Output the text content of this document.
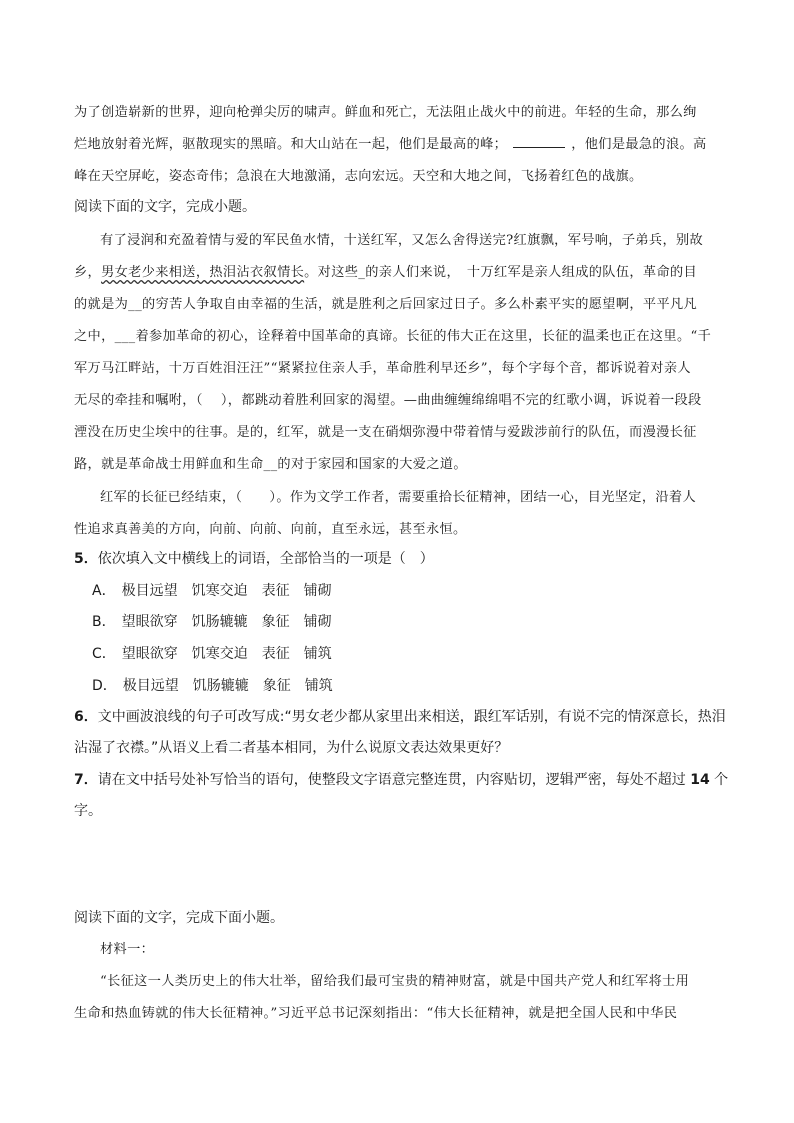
为了创造崭新的世界，迎向枪弹尖厉的啸声。鲜血和死亡，无法阻止战火中的前进。年轻的生命，那么绚
烂地放射着光辉，驱散现实的黑暗。和大山站在一起，他们是最高的峰；	，他们是最急的浪。高
峰在天空屏屹，姿态奇伟；急浪在大地激涌，志向宏远。天空和大地之间，飞扬着红色的战旗。
阅读下面的文字，完成小题。
有了浸润和充盈着情与爱的军民鱼水情，十送红军，又怎么舍得送完?红旗飘，军号响，子弟兵，别故
乡，男女老少来相送，热泪沾衣叙情长。对这些_的亲人们来说，　十万红军是亲人组成的队伍，革命的目
的就是为__的穷苦人争取自由幸福的生活，就是胜利之后回家过日子。多么朴素平实的愿望啊，平平凡凡
之中，___着参加革命的初心，诠释着中国革命的真谛。长征的伟大正在这里，长征的温柔也正在这里。“千
军万马江畔站，十万百姓泪汪汪”“紧紧拉住亲人手，革命胜利早还乡”，每个字每个音，都诉说着对亲人
无尽的牵挂和嘱咐，（　 ），都跳动着胜利回家的渴望。—曲曲缠缠绵绵唱不完的红歌小调，诉说着一段段
湮没在历史尘埃中的往事。是的，红军，就是一支在硝烟弥漫中带着情与爱跋涉前行的队伍，而漫漫长征
路，就是革命战士用鲜血和生命__的对于家园和国家的大爱之道。
红军的长征已经结束，（　　）。作为文学工作者，需要重拾长征精神，团结一心，目光坚定，沿着人
性追求真善美的方向，向前、向前、向前，直至永远，甚至永恒。
5．依次填入文中横线上的词语，全部恰当的一项是（　）
A． 极目远望 饥寒交迫 表征 铺砌
B． 望眼欲穿 饥肠辘辘 象征 铺砌
C． 望眼欲穿 饥寒交迫 表征 铺筑
D． 极目远望 饥肠辘辘 象征 铺筑
6．文中画波浪线的句子可改写成:“男女老少都从家里出来相送，跟红军话别，有说不完的情深意长，热泪
沾湿了衣襟。”从语义上看二者基本相同，为什么说原文表达效果更好？
7．请在文中括号处补写恰当的语句，使整段文字语意完整连贯，内容贴切，逻辑严密，每处不超过 14 个
字。
阅读下面的文字，完成下面小题。
材料一：
“长征这一人类历史上的伟大壮举，留给我们最可宝贵的精神财富，就是中国共产党人和红军将士用
生命和热血铸就的伟大长征精神。”习近平总书记深刻指出：“伟大长征精神，就是把全国人民和中华民
